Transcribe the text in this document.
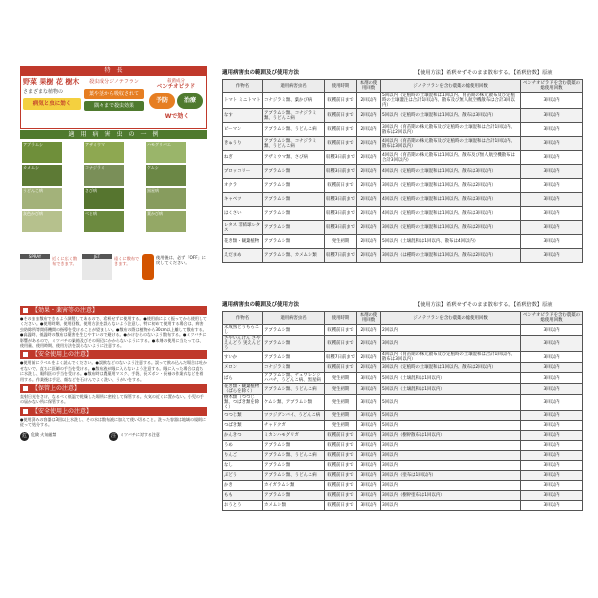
特　長
野菜 果樹 花 樹木
さまざまな植物の
病気と虫に効く
殺虫成分ジノテフラン
葉や茎から吸収されて
隅々まで殺虫効果
殺菌成分
ベンチオピラド
予防	治療
Wで効く
適　用　病　害　虫　の　一　例
アブラムシ	アザミウマ	ハモグリバエ
カメムシ	コナジラミ	ケムシ
うどんこ病	さび病	黒星病
灰色かび病	べと病	葉かび病
SPRAY	近くに広く散布できます。
JET	遠くに散布できます。
使用後は、必ず「OFF」に戻してください。
【効果・薬害等の注意】

●そのまま散布できるよう調製してあるので、希釈せずに使用する。●使用前によく振ってから使用してください。●使用時期、使用回数、使用方法を誤らないよう注意し、特に初めて使用する場合は、病害虫防除所等関係機関の指導を受けることが望ましい。●散布の際は植物から30cm以上離して散布する。●高温時、低温時の散布は薬害を生じやすいので避ける。●かけむらのないよう散布する。●ミツバチに影響があるので、ミツバチの巣箱及びその周辺にかからないようにする。●本剤の使用に当たっては、使用量、使用時期、使用方法を誤らないように注意する。

【安全使用上の注意】

●使用前にラベルをよく読んでください。●誤飲などのないよう注意する。誤って飲み込んだ場合は吐かせないで、直ちに医師の手当を受ける。●散布液が眼に入らないよう注意する。眼に入った場合は直ちに水洗し、眼科医の手当を受ける。●散布時は農薬用マスク、手袋、長ズボン・長袖の作業衣などを着用する。作業後は手足、顔などを石けんでよく洗い、うがいをする。

【保管上の注意】

直射日光をさけ、なるべく低温で乾燥した場所に密栓して保管する。火気の近くに置かない。小児の手の届かない所に保管する。

【安全使用上の注意】

●使用済みの容器は3回以上水洗し、その水は散布液に加えて使い切ること。洗った容器は地域の規則に従って処分する。

危	危険 火気厳禁	注	ミツバチに対する注意
適用病害虫の範囲及び使用方法	【使用方法】希釈せずそのまま散布する。【希釈倍数】原液
作物名	適用病害虫名	使用時期	本剤の使用回数	ジノテフランを含む農薬の総使用回数	ベンチオピラドを含む農薬の総使用回数
トマト ミニトマト	コナジラミ類、葉かび病	収穫前日まで	2回以内	5回以内（定植時の土壌混和は1回以内、育苗期の株元散布及び定植時の土壌灌注は合計1回以内、散布及び無人航空機散布は合計3回以内）	3回以内
なす	アブラムシ類、コナジラミ類、うどんこ病	収穫前日まで	2回以内	5回以内（定植時の土壌混和は1回以内、散布は3回以内）	3回以内
ピーマン	アブラムシ類、うどんこ病	収穫前日まで	2回以内	3回以内（育苗期の株元散布及び定植時の土壌混和は合計1回以内、散布は2回以内）	3回以内
きゅうり	アブラムシ類、コナジラミ類、うどんこ病	収穫前日まで	2回以内	4回以内（育苗期の株元散布及び定植時の土壌混和は合計1回以内、散布は3回以内）	3回以内
ねぎ	アザミウマ類、さび病	収穫3日前まで	2回以内	4回以内（育苗期の株元散布は1回以内、散布及び無人航空機散布は合計3回以内）	3回以内
ブロッコリー	アブラムシ類	収穫3日前まで	2回以内	4回以内（定植時の土壌混和は1回以内、散布は3回以内）	3回以内
オクラ	アブラムシ類	収穫前日まで	2回以内	3回以内（定植時の土壌混和は1回以内、散布は2回以内）	3回以内
キャベツ	アブラムシ類	収穫3日前まで	2回以内	4回以内（定植時の土壌混和は1回以内、散布は3回以内）	3回以内
はくさい	アブラムシ類	収穫3日前まで	2回以内	4回以内（定植時の土壌混和は1回以内、散布は3回以内）	3回以内
レタス 非結球レタス	アブラムシ類	収穫3日前まで	2回以内	3回以内（定植時の土壌混和は1回以内、散布は2回以内）	3回以内
花き類・観葉植物	アブラムシ類	発生初期	2回以内	5回以内（土壌混和は1回以内、散布は4回以内）	3回以内
えだまめ	アブラムシ類、カメムシ類	収穫7日前まで	2回以内	3回以内（は種時の土壌混和は1回以内、散布は2回以内）	3回以内
適用病害虫の範囲及び使用方法	【使用方法】希釈せずそのまま散布する。【希釈倍数】原液
作物名	適用病害虫名	使用時期	本剤の使用回数	ジノテフランを含む農薬の総使用回数	ベンチオピラドを含む農薬の総使用回数
未成熟とうもろこし	アブラムシ類	収穫前日まで	2回以内	2回以内	3回以内
さやいんげん さやえんどう 実えんどう	アブラムシ類	収穫前日まで	2回以内	3回以内	3回以内
すいか	アブラムシ類	収穫7日前まで	2回以内	4回以内（育苗期の株元散布及び定植時の土壌混和は合計1回以内、散布は3回以内）	3回以内
メロン	コナジラミ類	収穫前日まで	2回以内	3回以内（定植時の土壌混和は1回以内、散布は2回以内）	3回以内
ばら	アブラムシ類、チュウレンジハバチ、うどんこ病、黒星病	発生初期	3回以内	5回以内（土壌混和は1回以内）	3回以内
花き類・観葉植物（ばらを除く）	アブラムシ類、うどんこ病	発生初期	3回以内	5回以内（土壌混和は1回以内）	3回以内
樹木類（つつじ類、つばき類を除く）	ケムシ類、アブラムシ類	発生初期	3回以内	5回以内	3回以内
つつじ類	ツツジグンバイ、うどんこ病	発生初期	3回以内	5回以内	3回以内
つばき類	チャドクガ	発生初期	3回以内	5回以内	3回以内
かんきつ	ミカンハモグリガ	収穫前日まで	3回以内	3回以内（樹幹散布は1回以内）	3回以内
うめ	アブラムシ類	収穫前日まで	3回以内	3回以内	3回以内
りんご	アブラムシ類、うどんこ病	収穫前日まで	3回以内	3回以内	3回以内
なし	アブラムシ類	収穫前日まで	3回以内	3回以内	3回以内
ぶどう	アブラムシ類、うどんこ病	収穫前日まで	3回以内	3回以内（塗布は1回以内）	3回以内
かき	カイガラムシ類	収穫前日まで	3回以内	3回以内	3回以内
もも	アブラムシ類	収穫前日まで	3回以内	3回以内（樹幹塗布は1回以内）	3回以内
おうとう	カメムシ類	収穫前日まで	3回以内	3回以内	3回以内
